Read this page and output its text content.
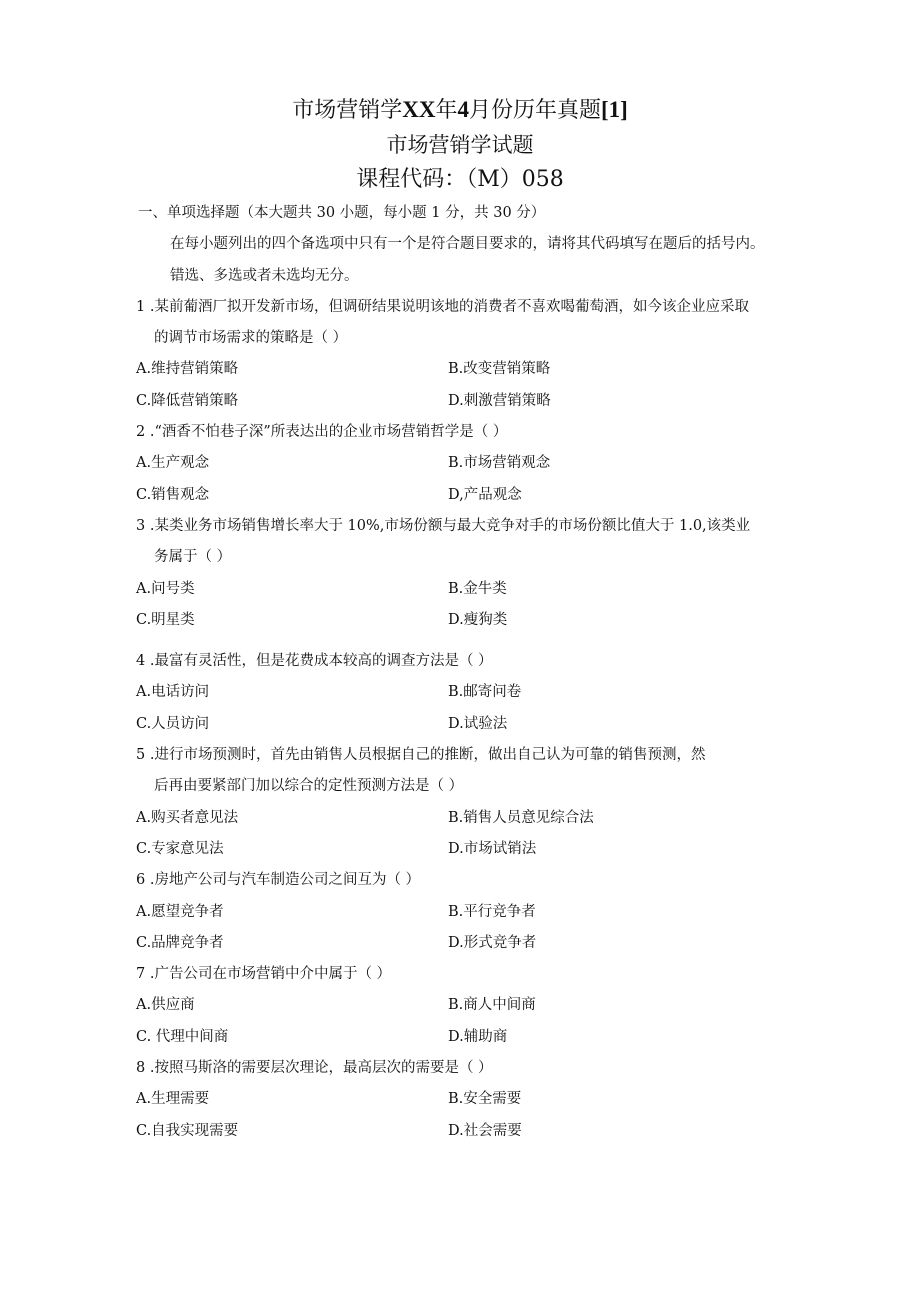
市场营销学XX年4月份历年真题[1]
市场营销学试题
课程代码：（M）058
一、单项选择题（本大题共 30 小题，每小题 1 分，共 30 分）
在每小题列出的四个备选项中只有一个是符合题目要求的，请将其代码填写在题后的括号内。
错选、多选或者未选均无分。
1 .某前葡酒厂拟开发新市场，但调研结果说明该地的消费者不喜欢喝葡萄酒，如今该企业应采取
的调节市场需求的策略是（ ）
A.维持营销策略	B.改变营销策略
C.降低营销策略	D.刺激营销策略
2 .“酒香不怕巷子深”所表达出的企业市场营销哲学是（ ）
A.生产观念	B.市场营销观念
C.销售观念	D,产品观念
3 .某类业务市场销售增长率大于 10%,市场份额与最大竞争对手的市场份额比值大于 1.0,该类业
务属于（ ）
A.问号类	B.金牛类
C.明星类	D.瘦狗类
4 .最富有灵活性，但是花费成本较高的调查方法是（ ）
A.电话访问	B.邮寄问卷
C.人员访问	D.试验法
5 .进行市场预测时，首先由销售人员根据自己的推断，做出自己认为可靠的销售预测，然
后再由要紧部门加以综合的定性预测方法是（ ）
A.购买者意见法	B.销售人员意见综合法
C.专家意见法	D.市场试销法
6 .房地产公司与汽车制造公司之间互为（ ）
A.愿望竞争者	B.平行竞争者
C.品牌竞争者	D.形式竞争者
7 .广告公司在市场营销中介中属于（ ）
A.供应商	B.商人中间商
C. 代理中间商	D.辅助商
8 .按照马斯洛的需要层次理论，最高层次的需要是（ ）
A.生理需要	B.安全需要
C.自我实现需要	D.社会需要
